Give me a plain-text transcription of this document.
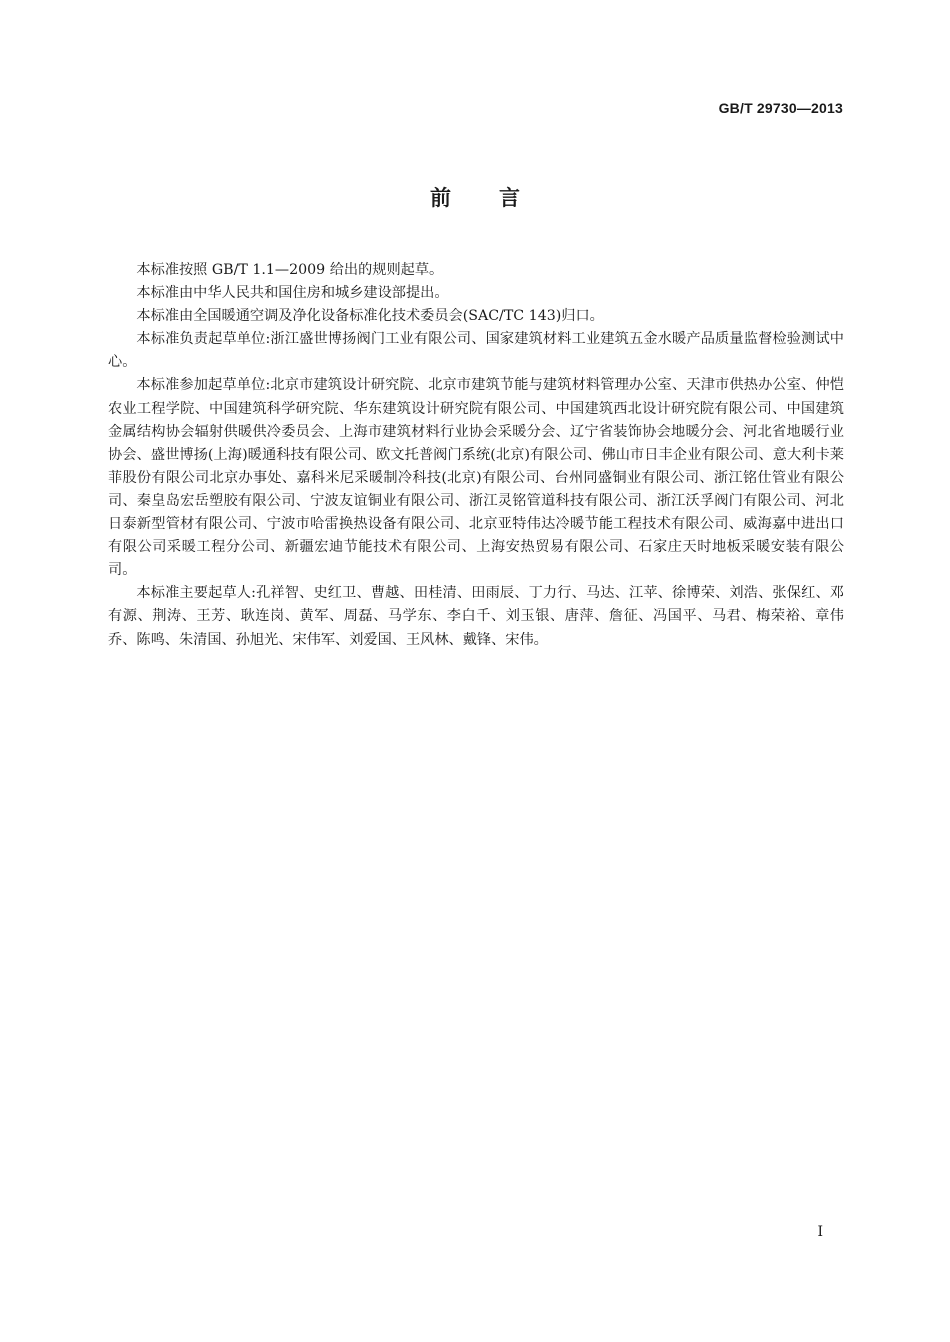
GB/T 29730—2013
前言

本标准按照 GB/T 1.1—2009 给出的规则起草。

本标准由中华人民共和国住房和城乡建设部提出。

本标准由全国暖通空调及净化设备标准化技术委员会(SAC/TC 143)归口。

本标准负责起草单位:浙江盛世博扬阀门工业有限公司、国家建筑材料工业建筑五金水暖产品质量监督检验测试中心。

本标准参加起草单位:北京市建筑设计研究院、北京市建筑节能与建筑材料管理办公室、天津市供热办公室、仲恺农业工程学院、中国建筑科学研究院、华东建筑设计研究院有限公司、中国建筑西北设计研究院有限公司、中国建筑金属结构协会辐射供暖供冷委员会、上海市建筑材料行业协会采暖分会、辽宁省装饰协会地暖分会、河北省地暖行业协会、盛世博扬(上海)暖通科技有限公司、欧文托普阀门系统(北京)有限公司、佛山市日丰企业有限公司、意大利卡莱菲股份有限公司北京办事处、嘉科米尼采暖制冷科技(北京)有限公司、台州同盛铜业有限公司、浙江铭仕管业有限公司、秦皇岛宏岳塑胶有限公司、宁波友谊铜业有限公司、浙江灵铭管道科技有限公司、浙江沃孚阀门有限公司、河北日泰新型管材有限公司、宁波市哈雷换热设备有限公司、北京亚特伟达冷暖节能工程技术有限公司、威海嘉中进出口有限公司采暖工程分公司、新疆宏迪节能技术有限公司、上海安热贸易有限公司、石家庄天时地板采暖安装有限公司。

本标准主要起草人:孔祥智、史红卫、曹越、田桂清、田雨辰、丁力行、马达、江苹、徐博荣、刘浩、张保红、邓有源、荆涛、王芳、耿连岗、黄军、周磊、马学东、李白千、刘玉银、唐萍、詹征、冯国平、马君、梅荣裕、章伟乔、陈鸣、朱清国、孙旭光、宋伟军、刘爱国、王风林、戴锋、宋伟。

I
